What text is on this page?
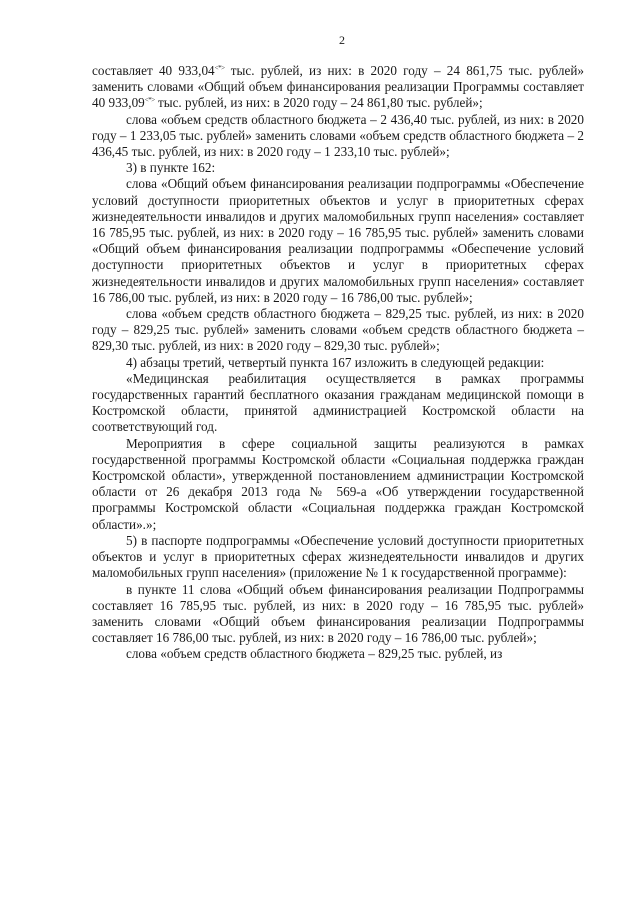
2

составляет 40 933,04<*> тыс. рублей, из них: в 2020 году – 24 861,75 тыс. рублей» заменить словами «Общий объем финансирования реализации Программы составляет 40 933,09<*> тыс. рублей, из них: в 2020 году – 24 861,80 тыс. рублей»;

слова «объем средств областного бюджета – 2 436,40 тыс. рублей, из них: в 2020 году – 1 233,05 тыс. рублей» заменить словами «объем средств областного бюджета – 2 436,45 тыс. рублей, из них: в 2020 году – 1 233,10 тыс. рублей»;

3) в пункте 162:

слова «Общий объем финансирования реализации подпрограммы «Обеспечение условий доступности приоритетных объектов и услуг в приоритетных сферах жизнедеятельности инвалидов и других маломобильных групп населения» составляет 16 785,95 тыс. рублей, из них: в 2020 году – 16 785,95 тыс. рублей» заменить словами «Общий объем финансирования реализации подпрограммы «Обеспечение условий доступности приоритетных объектов и услуг в приоритетных сферах жизнедеятельности инвалидов и других маломобильных групп населения» составляет 16 786,00 тыс. рублей, из них: в 2020 году – 16 786,00 тыс. рублей»;

слова «объем средств областного бюджета – 829,25 тыс. рублей, из них: в 2020 году – 829,25 тыс. рублей» заменить словами «объем средств областного бюджета – 829,30 тыс. рублей, из них: в 2020 году – 829,30 тыс. рублей»;

4) абзацы третий, четвертый пункта 167 изложить в следующей редакции:

«Медицинская реабилитация осуществляется в рамках программы государственных гарантий бесплатного оказания гражданам медицинской помощи в Костромской области, принятой администрацией Костромской области на соответствующий год.

Мероприятия в сфере социальной защиты реализуются в рамках государственной программы Костромской области «Социальная поддержка граждан Костромской области», утвержденной постановлением администрации Костромской области от 26 декабря 2013 года № 569-а «Об утверждении государственной программы Костромской области «Социальная поддержка граждан Костромской области».»;

5) в паспорте подпрограммы «Обеспечение условий доступности приоритетных объектов и услуг в приоритетных сферах жизнедеятельности инвалидов и других маломобильных групп населения» (приложение № 1 к государственной программе):

в пункте 11 слова «Общий объем финансирования реализации Подпрограммы составляет 16 785,95 тыс. рублей, из них: в 2020 году – 16 785,95 тыс. рублей» заменить словами «Общий объем финансирования реализации Подпрограммы составляет 16 786,00 тыс. рублей, из них: в 2020 году – 16 786,00 тыс. рублей»;

слова «объем средств областного бюджета – 829,25 тыс. рублей, из
